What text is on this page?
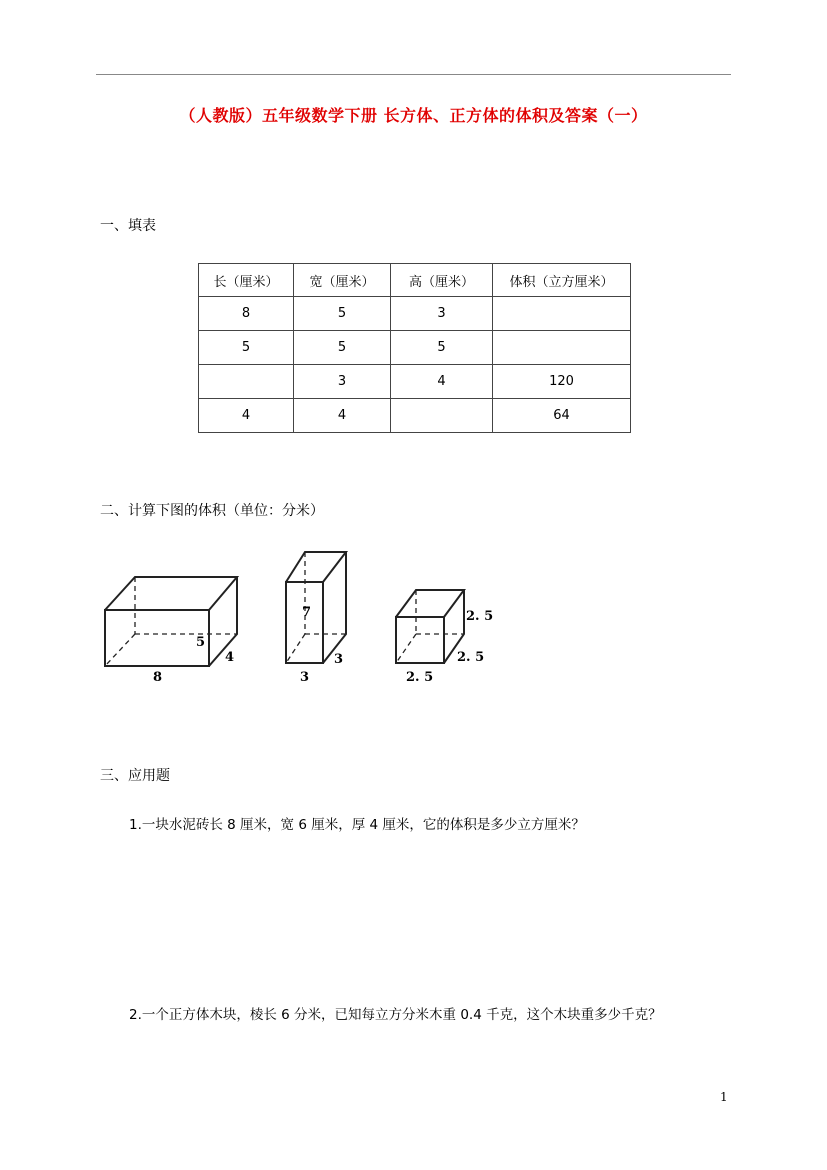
（人教版）五年级数学下册 长方体、正方体的体积及答案（一）
一、填表
长（厘米）	宽（厘米）	高（厘米）	体积（立方厘米）
8	5	3	
5	5	5	
	3	4	120
4	4		64
二、计算下图的体积（单位：分米）
8
4
5
3
3
7
2. 5
2. 5
2. 5
三、应用题
1.一块水泥砖长 8 厘米，宽 6 厘米，厚 4 厘米，它的体积是多少立方厘米？
2.一个正方体木块，棱长 6 分米，已知每立方分米木重 0.4 千克，这个木块重多少千克？
1
